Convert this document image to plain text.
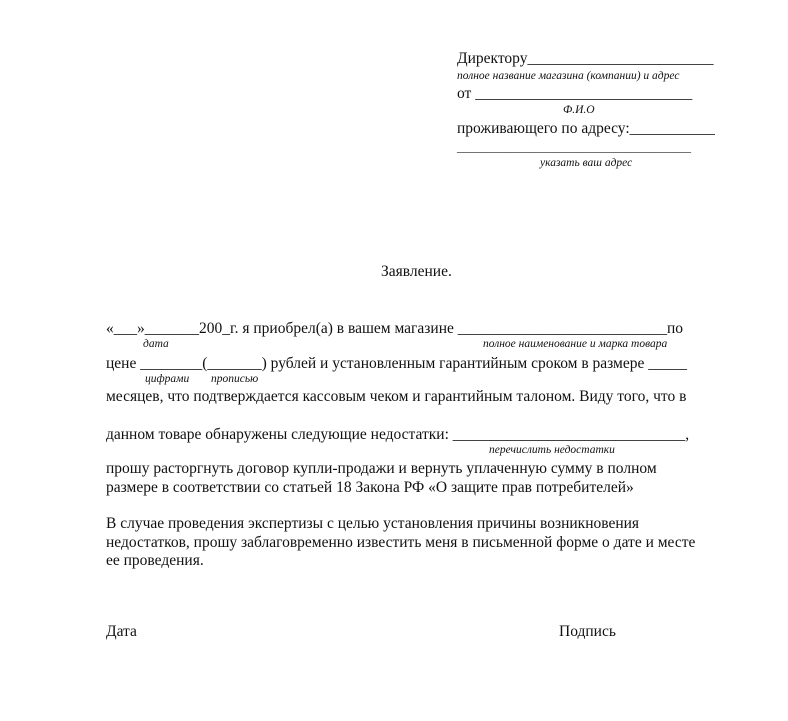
Директору________________________
полное название магазина (компании) и адрес
от ____________________________
Ф.И.О
проживающего по адресу:___________
_______________________________________
указать ваш адрес
Заявление.
«___»_______200_г. я приобрел(а) в вашем магазине ___________________________по
дата	полное наименование и марка товара
цене ________(_______) рублей и установленным гарантийным сроком в размере _____
цифрами прописью
месяцев, что подтверждается кассовым чеком и гарантийным талоном. Виду того, что в
данном товаре обнаружены следующие недостатки: ______________________________,
перечислить недостатки
прошу расторгнуть договор купли-продажи и вернуть уплаченную сумму в полном
размере в соответствии со статьей 18 Закона РФ «О защите прав потребителей»
В случае проведения экспертизы с целью установления причины возникновения
недостатков, прошу заблаговременно известить меня в письменной форме о дате и месте
ее проведения.
Дата	Подпись
